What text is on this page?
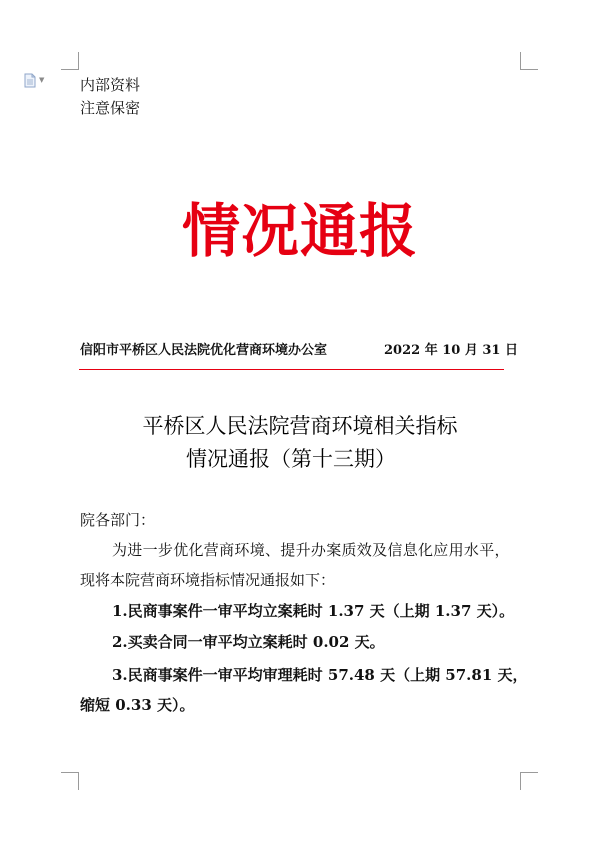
▼ 内部资料
注意保密
情况通报
信阳市平桥区人民法院优化营商环境办公室	2022 年 10 月 31 日
平桥区人民法院营商环境相关指标
情况通报（第十三期）
院各部门：
为进一步优化营商环境、提升办案质效及信息化应用水平，
现将本院营商环境指标情况通报如下：
1.民商事案件一审平均立案耗时 1.37 天（上期 1.37 天）。
2.买卖合同一审平均立案耗时 0.02 天。
3.民商事案件一审平均审理耗时 57.48 天（上期 57.81 天，
缩短 0.33 天）。
